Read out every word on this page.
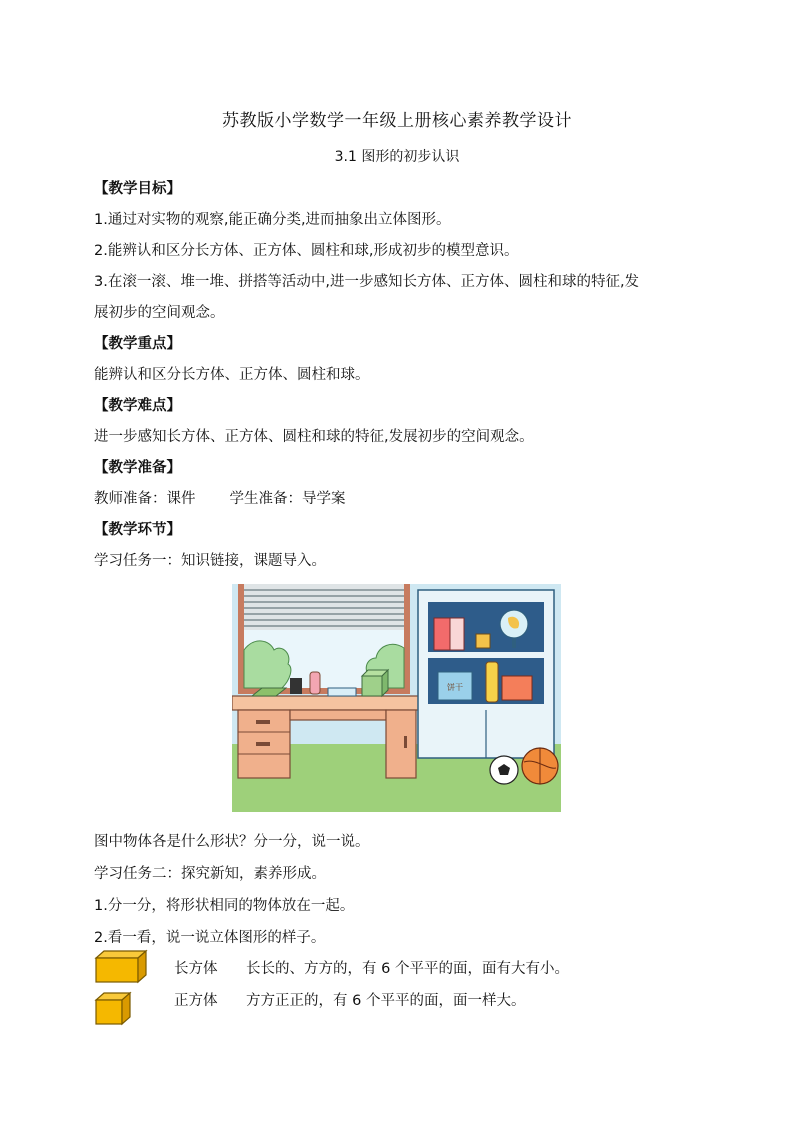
苏教版小学数学一年级上册核心素养教学设计
3.1 图形的初步认识
【教学目标】
1.通过对实物的观察,能正确分类,进而抽象出立体图形。
2.能辨认和区分长方体、正方体、圆柱和球,形成初步的模型意识。
3.在滚一滚、堆一堆、拼搭等活动中,进一步感知长方体、正方体、圆柱和球的特征,发
展初步的空间观念。
【教学重点】
能辨认和区分长方体、正方体、圆柱和球。
【教学难点】
进一步感知长方体、正方体、圆柱和球的特征,发展初步的空间观念。
【教学准备】
教师准备：课件 学生准备：导学案
【教学环节】
学习任务一：知识链接，课题导入。
饼干
图中物体各是什么形状？分一分，说一说。
学习任务二：探究新知，素养形成。
1.分一分，将形状相同的物体放在一起。
2.看一看，说一说立体图形的样子。
长方体 长长的、方方的，有 6 个平平的面，面有大有小。
正方体 方方正正的，有 6 个平平的面，面一样大。
